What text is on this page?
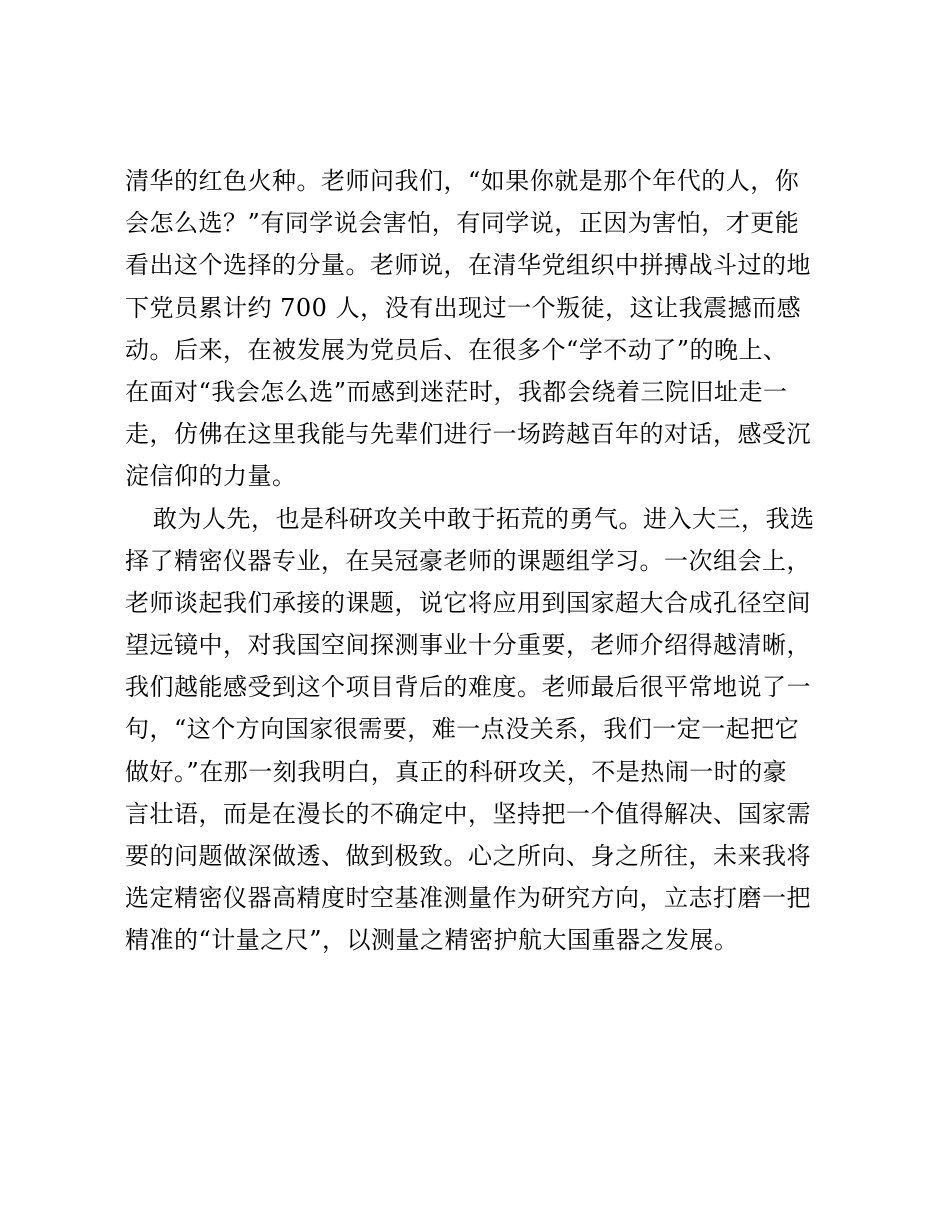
清华的红色火种。老师问我们，“如果你就是那个年代的人，你
会怎么选？”有同学说会害怕，有同学说，正因为害怕，才更能
看出这个选择的分量。老师说，在清华党组织中拼搏战斗过的地
下党员累计约 700 人，没有出现过一个叛徒，这让我震撼而感
动。后来，在被发展为党员后、在很多个“学不动了”的晚上、
在面对“我会怎么选”而感到迷茫时，我都会绕着三院旧址走一
走，仿佛在这里我能与先辈们进行一场跨越百年的对话，感受沉
淀信仰的力量。
敢为人先，也是科研攻关中敢于拓荒的勇气。进入大三，我选
择了精密仪器专业，在吴冠豪老师的课题组学习。一次组会上，
老师谈起我们承接的课题，说它将应用到国家超大合成孔径空间
望远镜中，对我国空间探测事业十分重要，老师介绍得越清晰，
我们越能感受到这个项目背后的难度。老师最后很平常地说了一
句，“这个方向国家很需要，难一点没关系，我们一定一起把它
做好。”在那一刻我明白，真正的科研攻关，不是热闹一时的豪
言壮语，而是在漫长的不确定中，坚持把一个值得解决、国家需
要的问题做深做透、做到极致。心之所向、身之所往，未来我将
选定精密仪器高精度时空基准测量作为研究方向，立志打磨一把
精准的“计量之尺”，以测量之精密护航大国重器之发展。
